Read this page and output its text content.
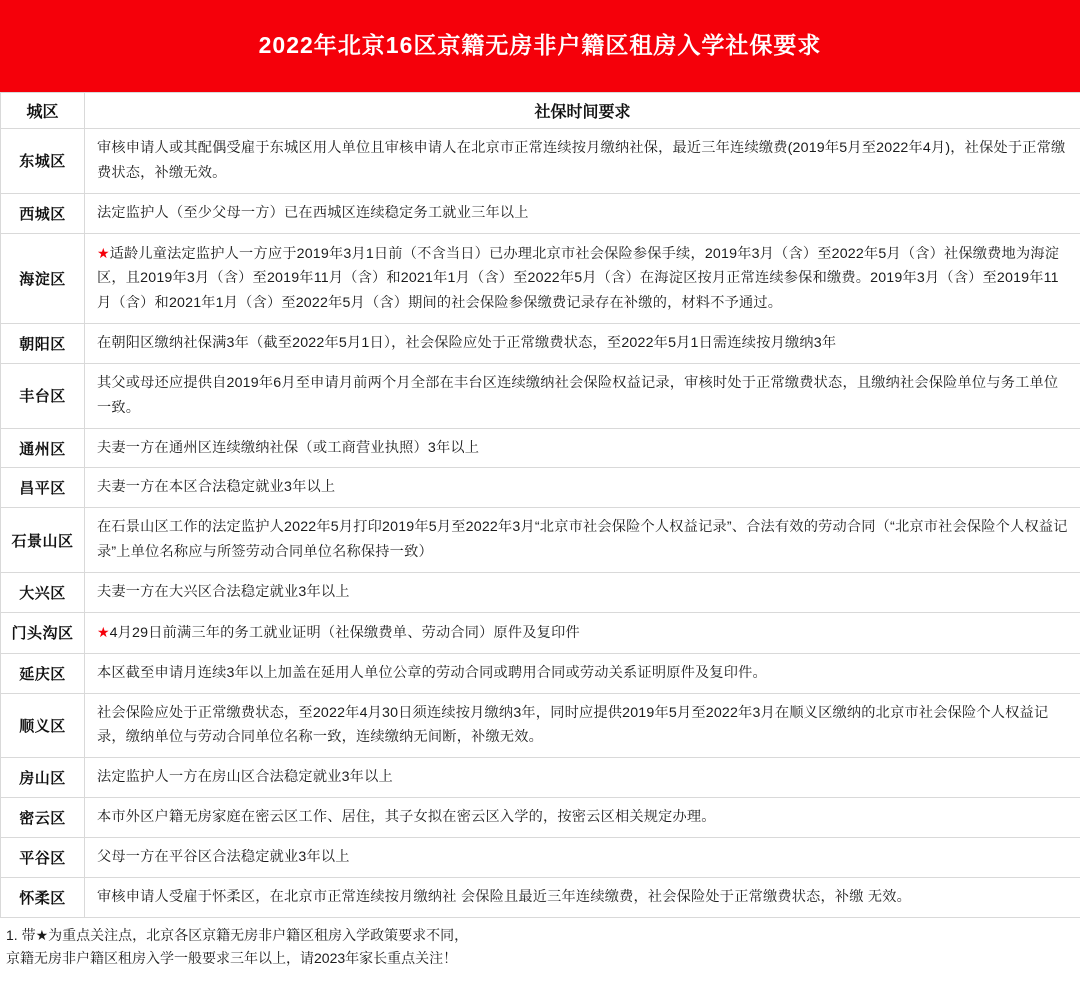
2022年北京16区京籍无房非户籍区租房入学社保要求
城区	社保时间要求
东城区	审核申请人或其配偶受雇于东城区用人单位且审核申请人在北京市正常连续按月缴纳社保，最近三年连续缴费(2019年5月至2022年4月)，社保处于正常缴费状态，补缴无效。
西城区	法定监护人（至少父母一方）已在西城区连续稳定务工就业三年以上
海淀区	★适龄儿童法定监护人一方应于2019年3月1日前（不含当日）已办理北京市社会保险参保手续，2019年3月（含）至2022年5月（含）社保缴费地为海淀区，且2019年3月（含）至2019年11月（含）和2021年1月（含）至2022年5月（含）在海淀区按月正常连续参保和缴费。2019年3月（含）至2019年11月（含）和2021年1月（含）至2022年5月（含）期间的社会保险参保缴费记录存在补缴的，材料不予通过。
朝阳区	在朝阳区缴纳社保满3年（截至2022年5月1日），社会保险应处于正常缴费状态，至2022年5月1日需连续按月缴纳3年
丰台区	其父或母还应提供自2019年6月至申请月前两个月全部在丰台区连续缴纳社会保险权益记录，审核时处于正常缴费状态，且缴纳社会保险单位与务工单位一致。
通州区	夫妻一方在通州区连续缴纳社保（或工商营业执照）3年以上
昌平区	夫妻一方在本区合法稳定就业3年以上
石景山区	在石景山区工作的法定监护人2022年5月打印2019年5月至2022年3月“北京市社会保险个人权益记录”、合法有效的劳动合同（“北京市社会保险个人权益记录”上单位名称应与所签劳动合同单位名称保持一致）
大兴区	夫妻一方在大兴区合法稳定就业3年以上
门头沟区	★4月29日前满三年的务工就业证明（社保缴费单、劳动合同）原件及复印件
延庆区	本区截至申请月连续3年以上加盖在延用人单位公章的劳动合同或聘用合同或劳动关系证明原件及复印件。
顺义区	社会保险应处于正常缴费状态，至2022年4月30日须连续按月缴纳3年，同时应提供2019年5月至2022年3月在顺义区缴纳的北京市社会保险个人权益记录，缴纳单位与劳动合同单位名称一致，连续缴纳无间断，补缴无效。
房山区	法定监护人一方在房山区合法稳定就业3年以上
密云区	本市外区户籍无房家庭在密云区工作、居住，其子女拟在密云区入学的，按密云区相关规定办理。
平谷区	父母一方在平谷区合法稳定就业3年以上
怀柔区	审核申请人受雇于怀柔区，在北京市正常连续按月缴纳社 会保险且最近三年连续缴费，社会保险处于正常缴费状态，补缴 无效。
1. 带★为重点关注点，北京各区京籍无房非户籍区租房入学政策要求不同，
京籍无房非户籍区租房入学一般要求三年以上，请2023年家长重点关注！
